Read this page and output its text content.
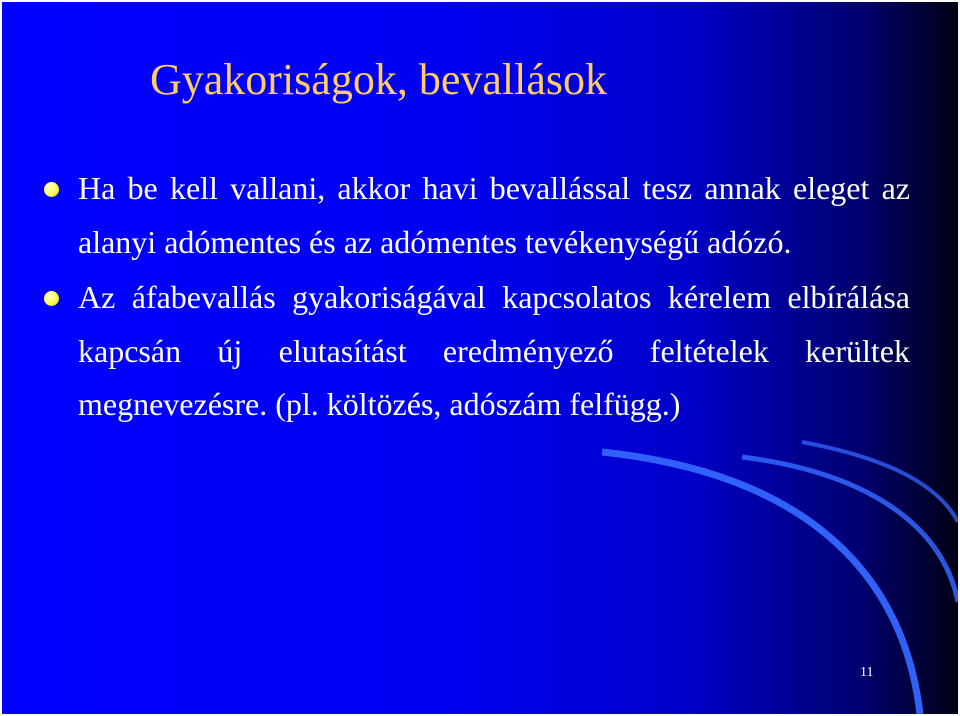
Gyakoriságok, bevallások
Ha be kell vallani, akkor havi bevallással tesz annak eleget az alanyi adómentes és az adómentes tevékenységű adózó.
Az áfabevallás gyakoriságával kapcsolatos kérelem elbírálása kapcsán új elutasítást eredményező feltételek kerültek megnevezésre. (pl. költözés, adószám felfügg.)
11
